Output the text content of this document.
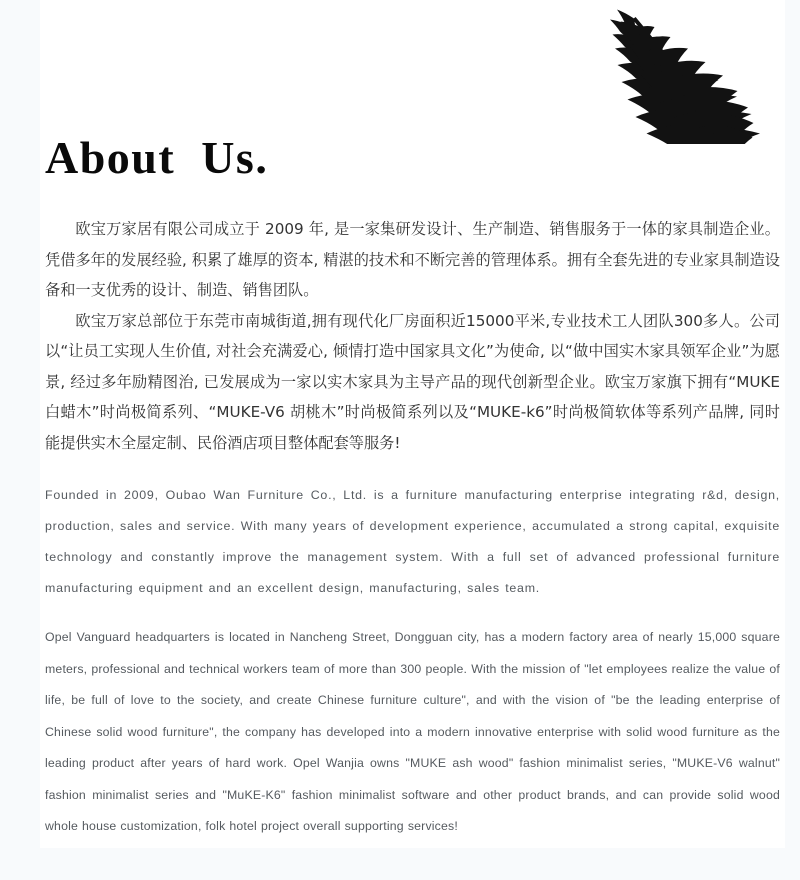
About  Us.

欧宝万家居有限公司成立于 2009 年, 是一家集研发设计、生产制造、销售服务于一体的家具制造企业。凭借多年的发展经验, 积累了雄厚的资本, 精湛的技术和不断完善的管理体系。拥有全套先进的专业家具制造设备和一支优秀的设计、制造、销售团队。

欧宝万家总部位于东莞市南城街道,拥有现代化厂房面积近15000平米,专业技术工人团队300多人。公司以“让员工实现人生价值, 对社会充满爱心, 倾情打造中国家具文化”为使命, 以“做中国实木家具领军企业”为愿景, 经过多年励精图治, 已发展成为一家以实木家具为主导产品的现代创新型企业。欧宝万家旗下拥有“MUKE 白蜡木”时尚极简系列、“MUKE-V6 胡桃木”时尚极简系列以及“MUKE-k6”时尚极简软体等系列产品牌, 同时能提供实木全屋定制、民俗酒店项目整体配套等服务!

Founded in 2009, Oubao Wan Furniture Co., Ltd. is a furniture manufacturing enterprise integrating r&d, design, production, sales and service. With many years of development experience, accumulated a strong capital, exquisite technology and constantly improve the management system. With a full set of advanced professional furniture manufacturing equipment and an excellent design, manufacturing, sales team.

Opel Vanguard headquarters is located in Nancheng Street, Dongguan city, has a modern factory area of nearly 15,000 square meters, professional and technical workers team of more than 300 people. With the mission of "let employees realize the value of life, be full of love to the society, and create Chinese furniture culture", and with the vision of "be the leading enterprise of Chinese solid wood furniture", the company has developed into a modern innovative enterprise with solid wood furniture as the leading product after years of hard work. Opel Wanjia owns "MUKE ash wood" fashion minimalist series, "MUKE-V6 walnut" fashion minimalist series and "MuKE-K6" fashion minimalist software and other product brands, and can provide solid wood whole house customization, folk hotel project overall supporting services!
